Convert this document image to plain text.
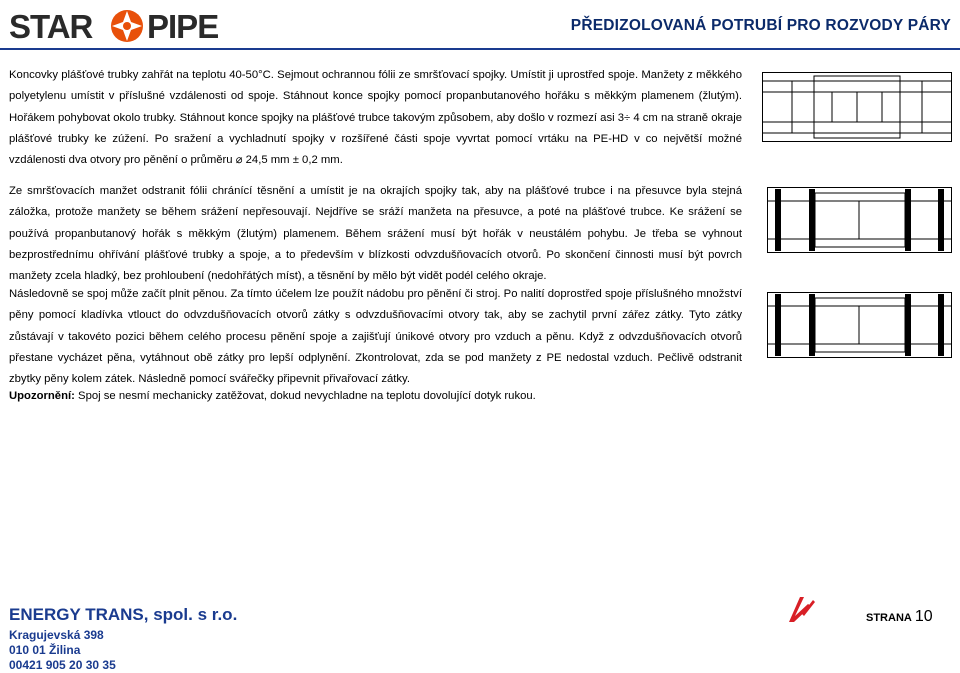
STAR PIPE	PŘEDIZOLOVANÁ POTRUBÍ PRO ROZVODY PÁRY
Koncovky plášťové trubky zahřát na teplotu 40-50°C. Sejmout ochrannou fólii ze smršťovací spojky. Umístit ji uprostřed spoje. Manžety z měkkého polyetylenu umístit v příslušné vzdálenosti od spoje. Stáhnout konce spojky pomocí propanbutanového hořáku s měkkým plamenem (žlutým). Hořákem pohybovat okolo trubky. Stáhnout konce spojky na plášťové trubce takovým způsobem, aby došlo v rozmezí asi 3÷ 4 cm na straně okraje plášťové trubky ke zúžení. Po sražení a vychladnutí spojky v rozšířené části spoje vyvrtat pomocí vrtáku na PE-HD v co největší možné vzdálenosti dva otvory pro pěnění o průměru ⌀ 24,5 mm ± 0,2 mm.
Ze smršťovacích manžet odstranit fólii chránící těsnění a umístit je na okrajích spojky tak, aby na plášťové trubce i na přesuvce byla stejná záložka, protože manžety se během srážení nepřesouvají. Nejdříve se sráží manžeta na přesuvce, a poté na plášťové trubce. Ke srážení se používá propanbutanový hořák s měkkým (žlutým) plamenem. Během srážení musí být hořák v neustálém pohybu. Je třeba se vyhnout bezprostřednímu ohřívání plášťové trubky a spoje, a to především v blízkosti odvzdušňovacích otvorů. Po skončení činnosti musí být povrch manžety zcela hladký, bez prohloubení (nedohřátých míst), a těsnění by mělo být vidět podél celého okraje.
Následovně se spoj může začít plnit pěnou. Za tímto účelem lze použít nádobu pro pěnění či stroj. Po nalití doprostřed spoje příslušného množství pěny pomocí kladívka vtlouct do odvzdušňovacích otvorů zátky s odvzdušňovacími otvory tak, aby se zachytil první zářez zátky. Tyto zátky zůstávají v takovéto pozici během celého procesu pěnění spoje a zajišťují únikové otvory pro vzduch a pěnu. Když z odvzdušňovacích otvorů přestane vycházet pěna, vytáhnout obě zátky pro lepší odplynění. Zkontrolovat, zda se pod manžety z PE nedostal vzduch. Pečlivě odstranit zbytky pěny kolem zátek. Následně pomocí svářečky připevnit přivařovací zátky.
Upozornění: Spoj se nesmí mechanicky zatěžovat, dokud nevychladne na teplotu dovolující dotyk rukou.
ENERGY TRANS, spol. s r.o.
Kragujevská 398
010 01 Žilina
00421 905 20 30 35
STRANA 10
